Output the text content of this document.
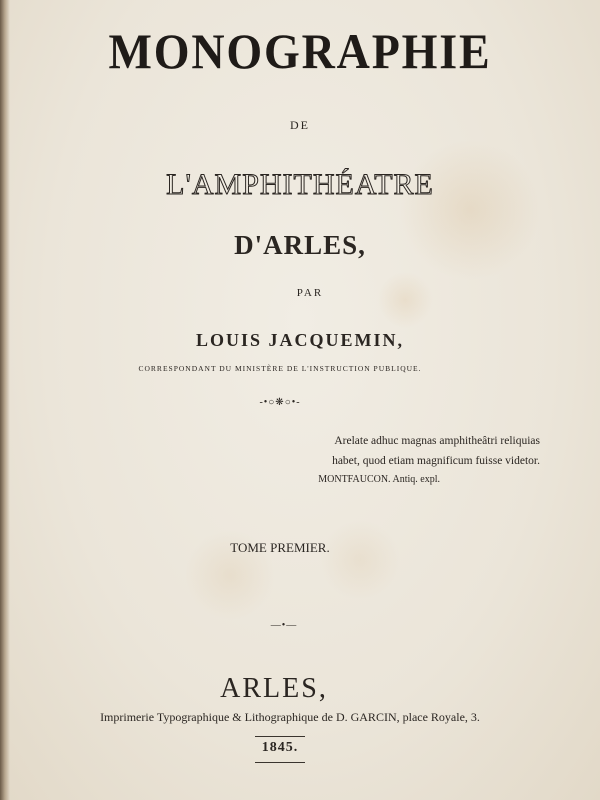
MONOGRAPHIE

DE

L'AMPHITHÉATRE

D'ARLES,

PAR

LOUIS JACQUEMIN,

CORRESPONDANT DU MINISTÈRE DE L'INSTRUCTION PUBLIQUE.

-•○❋○•-

Arelate adhuc magnas amphitheâtri reliquias

habet, quod etiam magnificum fuisse videtor.

MONTFAUCON. Antiq. expl.

TOME PREMIER.

—•—

ARLES,

Imprimerie Typographique & Lithographique de D. GARCIN, place Royale, 3.

1845.
